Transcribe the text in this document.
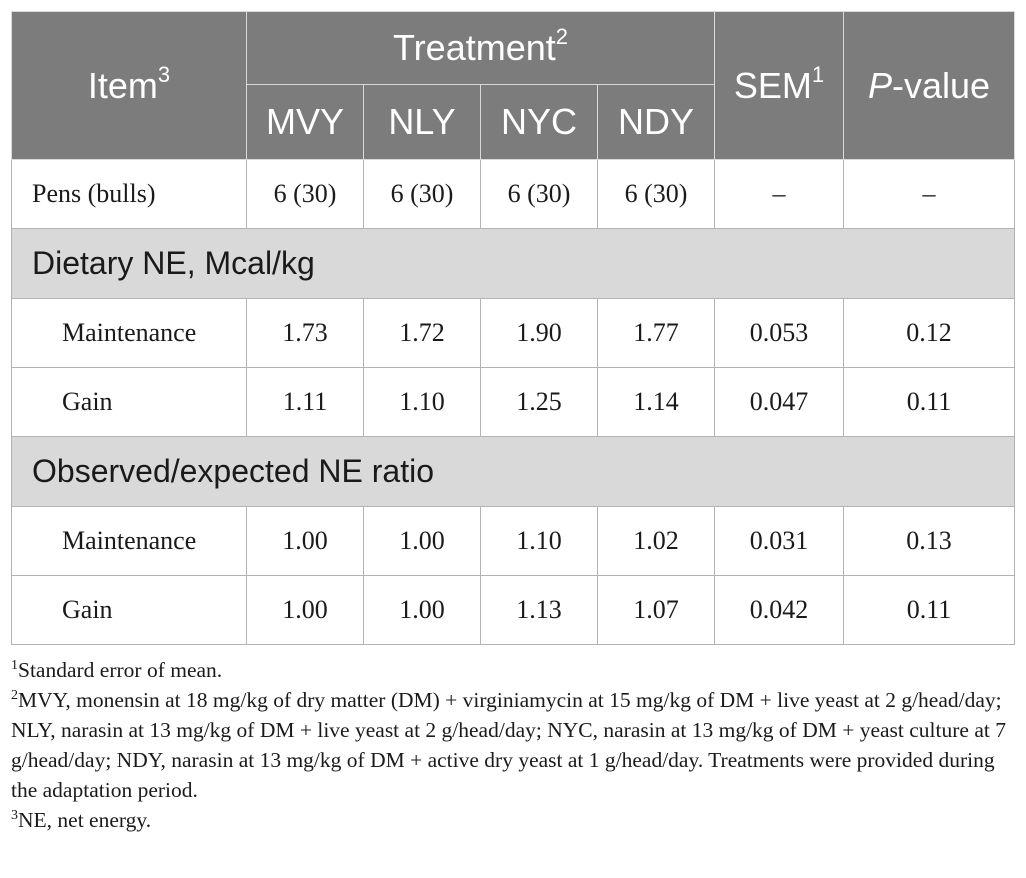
Item$^3$	Treatment$^2$				SEM$^1$	P-value
	MVY	NLY	NYC	NDY		
Pens (bulls)	6 (30)	6 (30)	6 (30)	6 (30)	–	–
Dietary NE, Mcal/kg						
Maintenance	1.73	1.72	1.90	1.77	0.053	0.12
Gain	1.11	1.10	1.25	1.14	0.047	0.11
Observed/expected NE ratio						
Maintenance	1.00	1.00	1.10	1.02	0.031	0.13
Gain	1.00	1.00	1.13	1.07	0.042	0.11

$^1$Standard error of mean.

$^2$MVY, monensin at 18 mg/kg of dry matter (DM) + virginiamycin at 15 mg/kg of DM + live yeast at 2 g/head/day; NLY, narasin at 13 mg/kg of DM + live yeast at 2 g/head/day; NYC, narasin at 13 mg/kg of DM + yeast culture at 7 g/head/day; NDY, narasin at 13 mg/kg of DM + active dry yeast at 1 g/head/day. Treatments were provided during the adaptation period.

$^3$NE, net energy.
